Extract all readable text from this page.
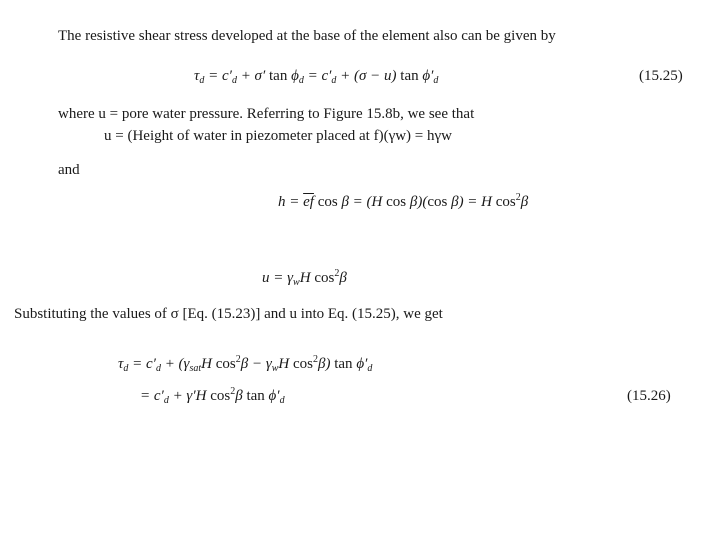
The resistive shear stress developed at the base of the element also can be given by
$\tau_d = c'_d + \sigma'$ $\tan \phi_d = c'_d + (\sigma - u)$ $\tan \phi'_d$	(15.25)
where u = pore water pressure. Referring to Figure 15.8b, we see that
u = (Height of water in piezometer placed at f)(γw) = hγw
and
$h = \overline{ef}$ cos β = (H cos β)(cos β) = H $\cos^2\beta$
$u = \gamma_wH$ $\cos^2\beta$
Substituting the values of σ [Eq. (15.23)] and u into Eq. (15.25), we get
$\tau_d = c'_d + (\gamma_{sat}H$ $\cos^2\beta - \gamma_wH$ $\cos^2\beta$) $\tan \phi'_d$
= $c'_d + \gamma'H$ $\cos^2\beta$ $\tan \phi'_d$	(15.26)
